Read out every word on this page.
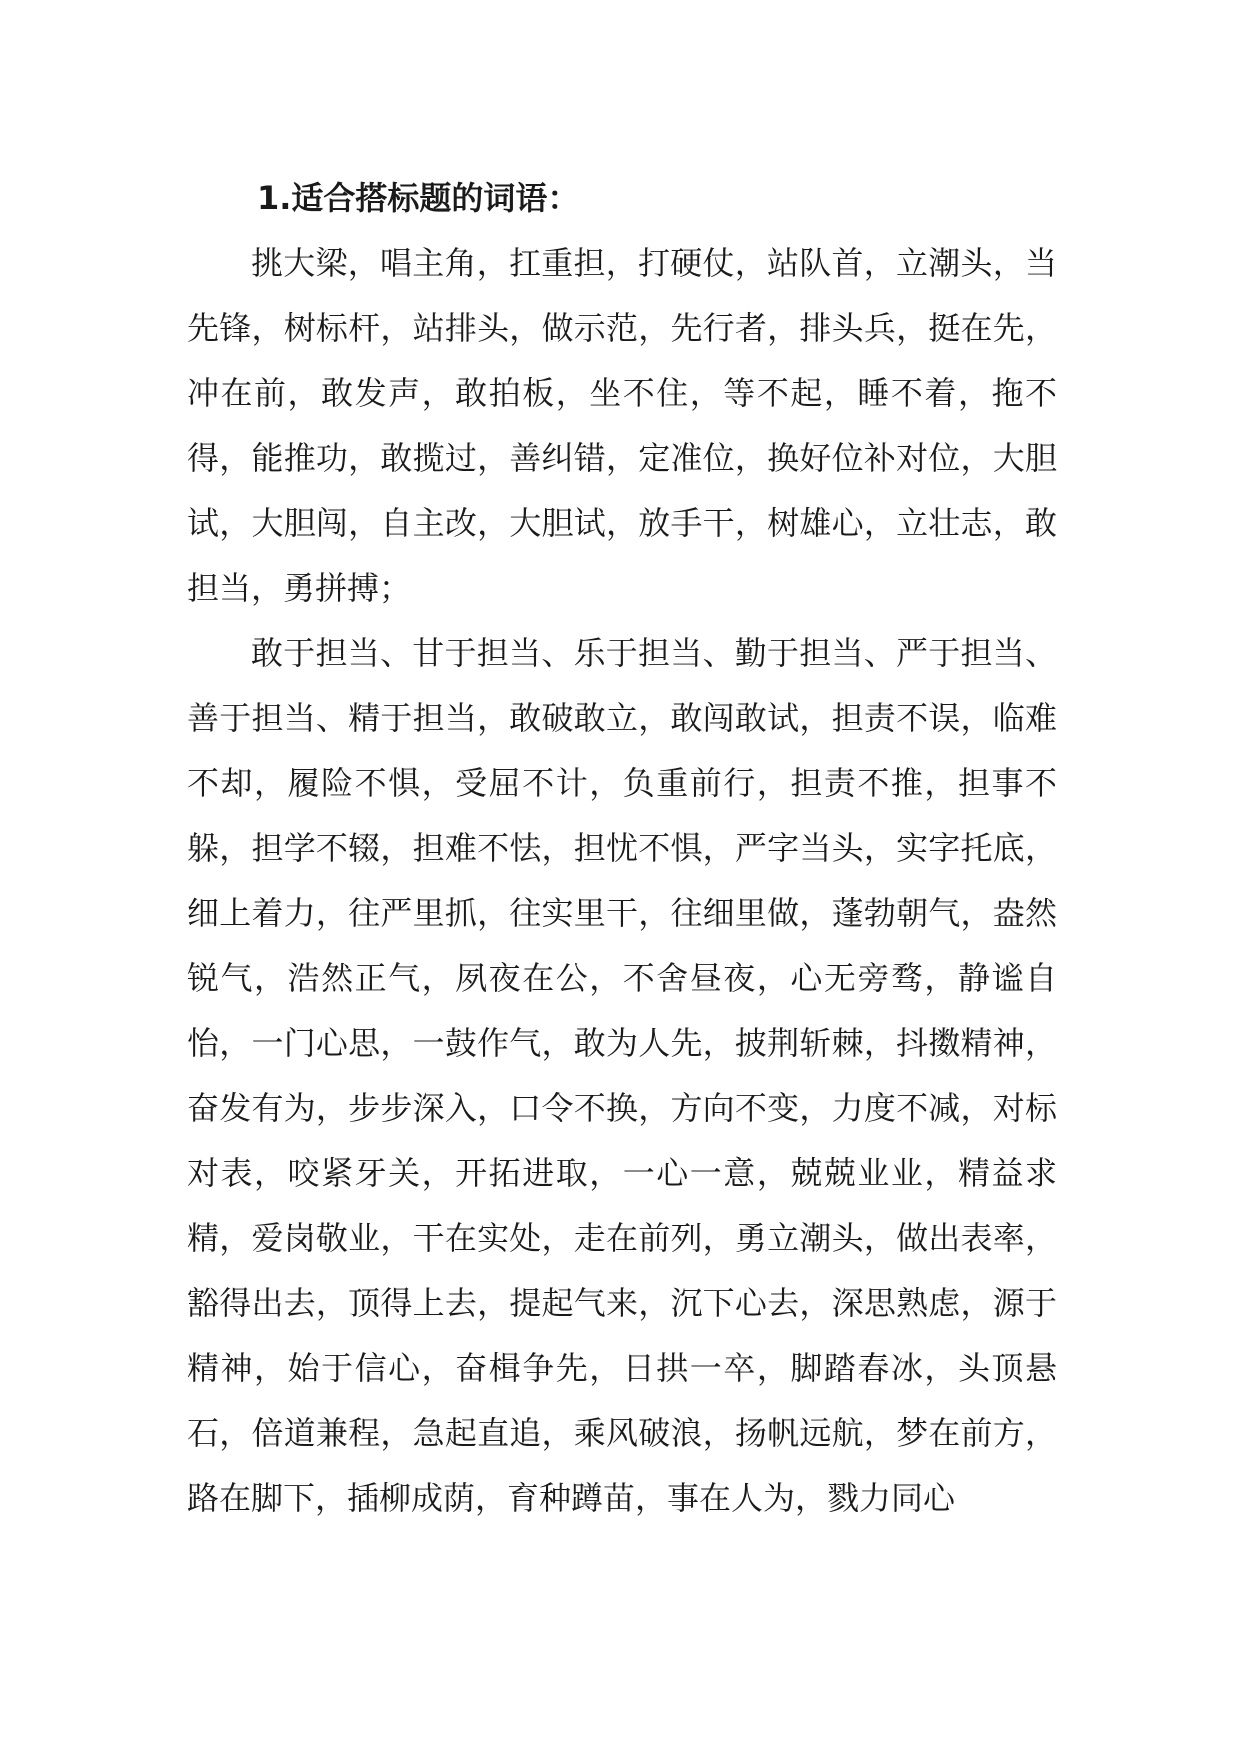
1.适合搭标题的词语：

挑大梁，唱主角，扛重担，打硬仗，站队首，立潮头，当先锋，树标杆，站排头，做示范，先行者，排头兵，挺在先，冲在前，敢发声，敢拍板，坐不住，等不起，睡不着，拖不得，能推功，敢揽过，善纠错，定准位，换好位补对位，大胆试，大胆闯，自主改，大胆试，放手干，树雄心，立壮志，敢担当，勇拼搏；

敢于担当、甘于担当、乐于担当、勤于担当、严于担当、善于担当、精于担当，敢破敢立，敢闯敢试，担责不误，临难不却，履险不惧，受屈不计，负重前行，担责不推，担事不躲，担学不辍，担难不怯，担忧不惧，严字当头，实字托底，细上着力，往严里抓，往实里干，往细里做，蓬勃朝气，盎然锐气，浩然正气，夙夜在公，不舍昼夜，心无旁骛，静谧自怡，一门心思，一鼓作气，敢为人先，披荆斩棘，抖擞精神，奋发有为，步步深入，口令不换，方向不变，力度不减，对标对表，咬紧牙关，开拓进取，一心一意，兢兢业业，精益求精，爱岗敬业，干在实处，走在前列，勇立潮头，做出表率，豁得出去，顶得上去，提起气来，沉下心去，深思熟虑，源于精神，始于信心，奋楫争先，日拱一卒，脚踏春冰，头顶悬石，倍道兼程，急起直追，乘风破浪，扬帆远航，梦在前方，路在脚下，插柳成荫，育种蹲苗，事在人为，戮力同心
